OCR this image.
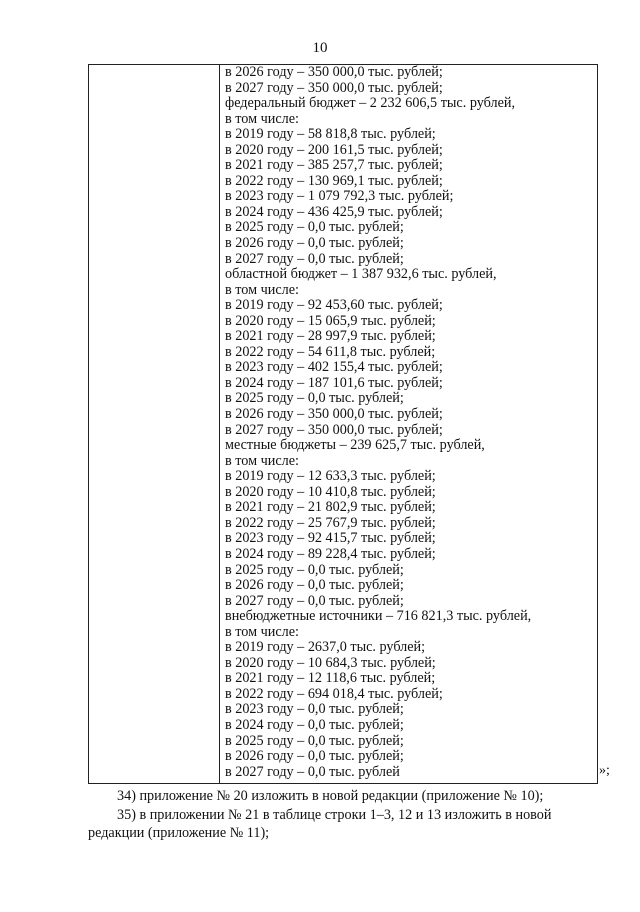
10
в 2026 году – 350 000,0 тыс. рублей;
в 2027 году – 350 000,0 тыс. рублей;
федеральный бюджет – 2 232 606,5 тыс. рублей,
в том числе:
в 2019 году – 58 818,8 тыс. рублей;
в 2020 году – 200 161,5 тыс. рублей;
в 2021 году – 385 257,7 тыс. рублей;
в 2022 году – 130 969,1 тыс. рублей;
в 2023 году – 1 079 792,3 тыс. рублей;
в 2024 году – 436 425,9 тыс. рублей;
в 2025 году – 0,0 тыс. рублей;
в 2026 году – 0,0 тыс. рублей;
в 2027 году – 0,0 тыс. рублей;
областной бюджет – 1 387 932,6 тыс. рублей,
в том числе:
в 2019 году – 92 453,60 тыс. рублей;
в 2020 году – 15 065,9 тыс. рублей;
в 2021 году – 28 997,9 тыс. рублей;
в 2022 году – 54 611,8 тыс. рублей;
в 2023 году – 402 155,4 тыс. рублей;
в 2024 году – 187 101,6 тыс. рублей;
в 2025 году – 0,0 тыс. рублей;
в 2026 году – 350 000,0 тыс. рублей;
в 2027 году – 350 000,0 тыс. рублей;
местные бюджеты – 239 625,7 тыс. рублей,
в том числе:
в 2019 году – 12 633,3 тыс. рублей;
в 2020 году – 10 410,8 тыс. рублей;
в 2021 году – 21 802,9 тыс. рублей;
в 2022 году – 25 767,9 тыс. рублей;
в 2023 году – 92 415,7 тыс. рублей;
в 2024 году – 89 228,4 тыс. рублей;
в 2025 году – 0,0 тыс. рублей;
в 2026 году – 0,0 тыс. рублей;
в 2027 году – 0,0 тыс. рублей;
внебюджетные источники – 716 821,3 тыс. рублей,
в том числе:
в 2019 году – 2637,0 тыс. рублей;
в 2020 году – 10 684,3 тыс. рублей;
в 2021 году – 12 118,6 тыс. рублей;
в 2022 году – 694 018,4 тыс. рублей;
в 2023 году – 0,0 тыс. рублей;
в 2024 году – 0,0 тыс. рублей;
в 2025 году – 0,0 тыс. рублей;
в 2026 году – 0,0 тыс. рублей;
в 2027 году – 0,0 тыс. рублей	»;
34) приложение № 20 изложить в новой редакции (приложение № 10);
35) в приложении № 21 в таблице строки 1–3, 12 и 13 изложить в новой
редакции (приложение № 11);
